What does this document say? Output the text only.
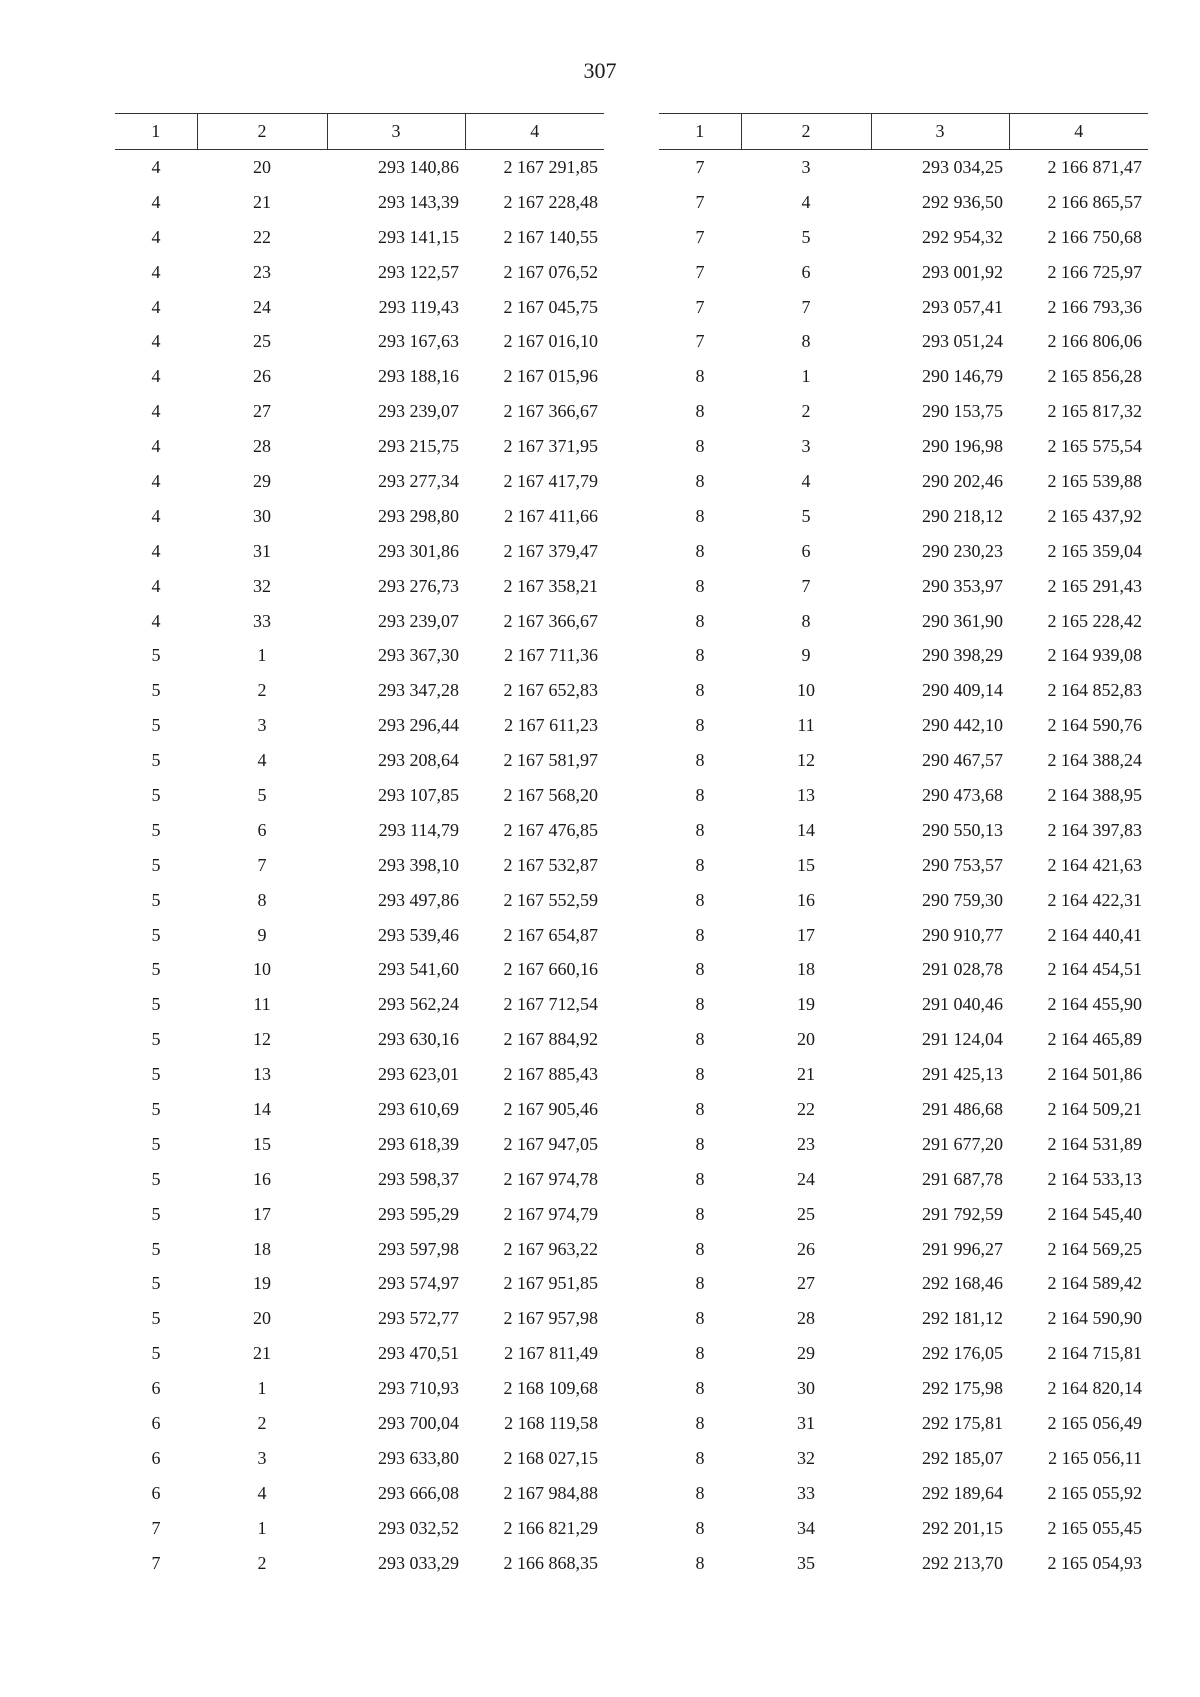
307
1	2	3	4
4	20	293 140,86	2 167 291,85
4	21	293 143,39	2 167 228,48
4	22	293 141,15	2 167 140,55
4	23	293 122,57	2 167 076,52
4	24	293 119,43	2 167 045,75
4	25	293 167,63	2 167 016,10
4	26	293 188,16	2 167 015,96
4	27	293 239,07	2 167 366,67
4	28	293 215,75	2 167 371,95
4	29	293 277,34	2 167 417,79
4	30	293 298,80	2 167 411,66
4	31	293 301,86	2 167 379,47
4	32	293 276,73	2 167 358,21
4	33	293 239,07	2 167 366,67
5	1	293 367,30	2 167 711,36
5	2	293 347,28	2 167 652,83
5	3	293 296,44	2 167 611,23
5	4	293 208,64	2 167 581,97
5	5	293 107,85	2 167 568,20
5	6	293 114,79	2 167 476,85
5	7	293 398,10	2 167 532,87
5	8	293 497,86	2 167 552,59
5	9	293 539,46	2 167 654,87
5	10	293 541,60	2 167 660,16
5	11	293 562,24	2 167 712,54
5	12	293 630,16	2 167 884,92
5	13	293 623,01	2 167 885,43
5	14	293 610,69	2 167 905,46
5	15	293 618,39	2 167 947,05
5	16	293 598,37	2 167 974,78
5	17	293 595,29	2 167 974,79
5	18	293 597,98	2 167 963,22
5	19	293 574,97	2 167 951,85
5	20	293 572,77	2 167 957,98
5	21	293 470,51	2 167 811,49
6	1	293 710,93	2 168 109,68
6	2	293 700,04	2 168 119,58
6	3	293 633,80	2 168 027,15
6	4	293 666,08	2 167 984,88
7	1	293 032,52	2 166 821,29
7	2	293 033,29	2 166 868,35
1	2	3	4
7	3	293 034,25	2 166 871,47
7	4	292 936,50	2 166 865,57
7	5	292 954,32	2 166 750,68
7	6	293 001,92	2 166 725,97
7	7	293 057,41	2 166 793,36
7	8	293 051,24	2 166 806,06
8	1	290 146,79	2 165 856,28
8	2	290 153,75	2 165 817,32
8	3	290 196,98	2 165 575,54
8	4	290 202,46	2 165 539,88
8	5	290 218,12	2 165 437,92
8	6	290 230,23	2 165 359,04
8	7	290 353,97	2 165 291,43
8	8	290 361,90	2 165 228,42
8	9	290 398,29	2 164 939,08
8	10	290 409,14	2 164 852,83
8	11	290 442,10	2 164 590,76
8	12	290 467,57	2 164 388,24
8	13	290 473,68	2 164 388,95
8	14	290 550,13	2 164 397,83
8	15	290 753,57	2 164 421,63
8	16	290 759,30	2 164 422,31
8	17	290 910,77	2 164 440,41
8	18	291 028,78	2 164 454,51
8	19	291 040,46	2 164 455,90
8	20	291 124,04	2 164 465,89
8	21	291 425,13	2 164 501,86
8	22	291 486,68	2 164 509,21
8	23	291 677,20	2 164 531,89
8	24	291 687,78	2 164 533,13
8	25	291 792,59	2 164 545,40
8	26	291 996,27	2 164 569,25
8	27	292 168,46	2 164 589,42
8	28	292 181,12	2 164 590,90
8	29	292 176,05	2 164 715,81
8	30	292 175,98	2 164 820,14
8	31	292 175,81	2 165 056,49
8	32	292 185,07	2 165 056,11
8	33	292 189,64	2 165 055,92
8	34	292 201,15	2 165 055,45
8	35	292 213,70	2 165 054,93
